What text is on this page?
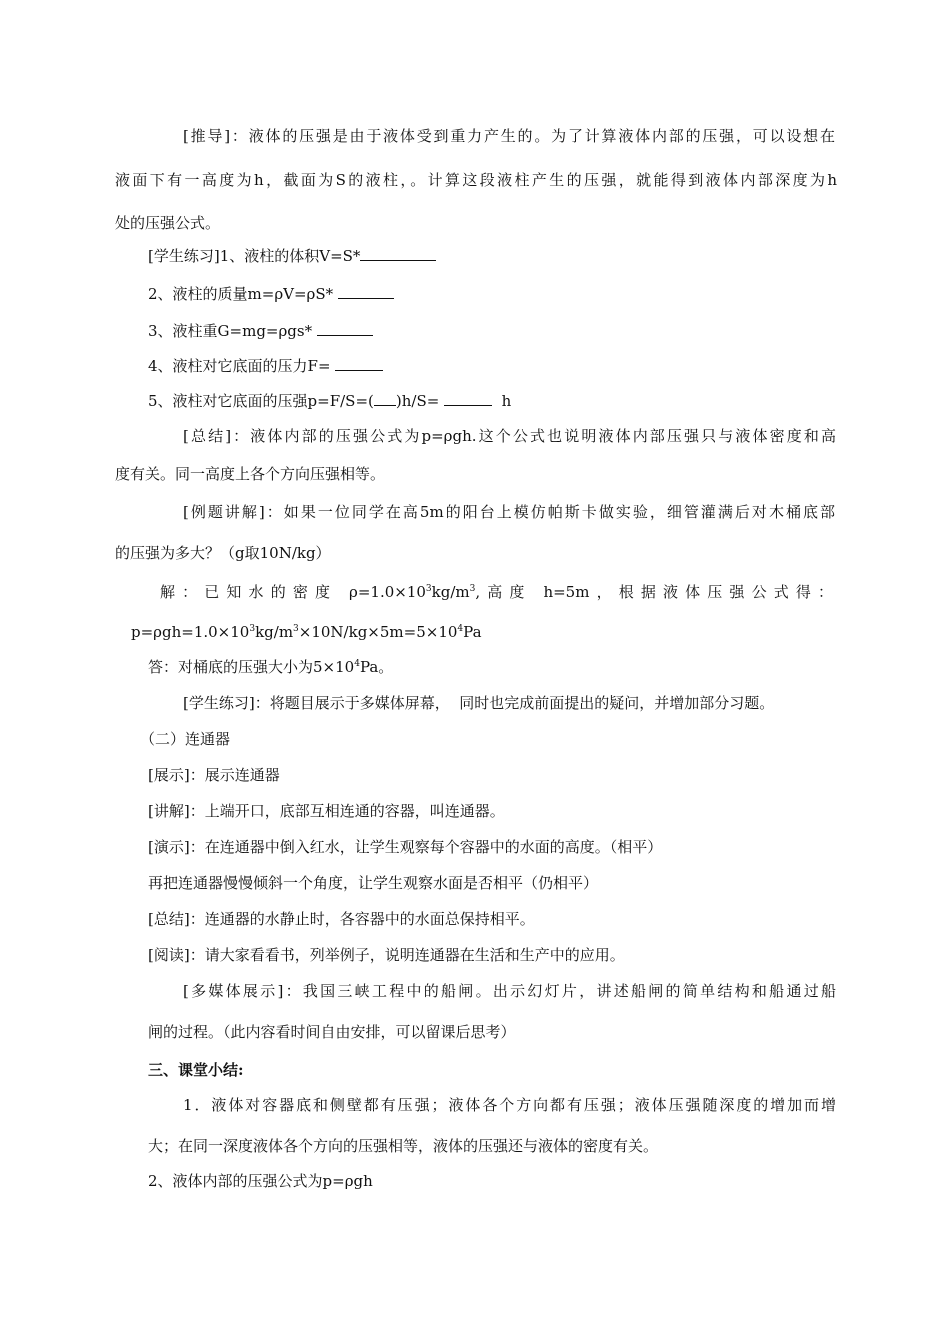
[推导]：液体的压强是由于液体受到重力产生的。为了计算液体内部的压强，可以设想在
液面下有一高度为h，截面为S的液柱，。计算这段液柱产生的压强，就能得到液体内部深度为h
处的压强公式。
[学生练习]1、液柱的体积V=S*
2、液柱的质量m=ρV=ρS*
3、液柱重G=mg=ρgs*
4、液柱对它底面的压力F=
5、液柱对它底面的压强p=F/S=( )h/S=	h
[总结]：液体内部的压强公式为p=ρgh.这个公式也说明液体内部压强只与液体密度和高
度有关。同一高度上各个方向压强相等。
[例题讲解]：如果一位同学在高5m的阳台上模仿帕斯卡做实验，细管灌满后对木桶底部
的压强为多大？（g取10N/kg）
解：已知水的密度 $\rho=1.0\times 10^3kg/m^3$,高度 h=5m，根据液体压强公式得：
$p=\rho gh=1.0\times 10^3kg/m^3\times 10N/kg\times 5m=5\times 10^4Pa$
答：对桶底的压强大小为$5\times 10^4Pa$。
[学生练习]：将题目展示于多媒体屏幕，  同时也完成前面提出的疑问，并增加部分习题。
（二）连通器
[展示]：展示连通器
[讲解]：上端开口，底部互相连通的容器，叫连通器。
[演示]：在连通器中倒入红水，让学生观察每个容器中的水面的高度。（相平）
再把连通器慢慢倾斜一个角度，让学生观察水面是否相平（仍相平）
[总结]：连通器的水静止时，各容器中的水面总保持相平。
[阅读]：请大家看看书，列举例子，说明连通器在生活和生产中的应用。
[多媒体展示]：我国三峡工程中的船闸。出示幻灯片，讲述船闸的简单结构和船通过船
闸的过程。（此内容看时间自由安排，可以留课后思考）
三、课堂小结:
1．液体对容器底和侧壁都有压强；液体各个方向都有压强；液体压强随深度的增加而增
大；在同一深度液体各个方向的压强相等，液体的压强还与液体的密度有关。
2、液体内部的压强公式为p=ρgh
